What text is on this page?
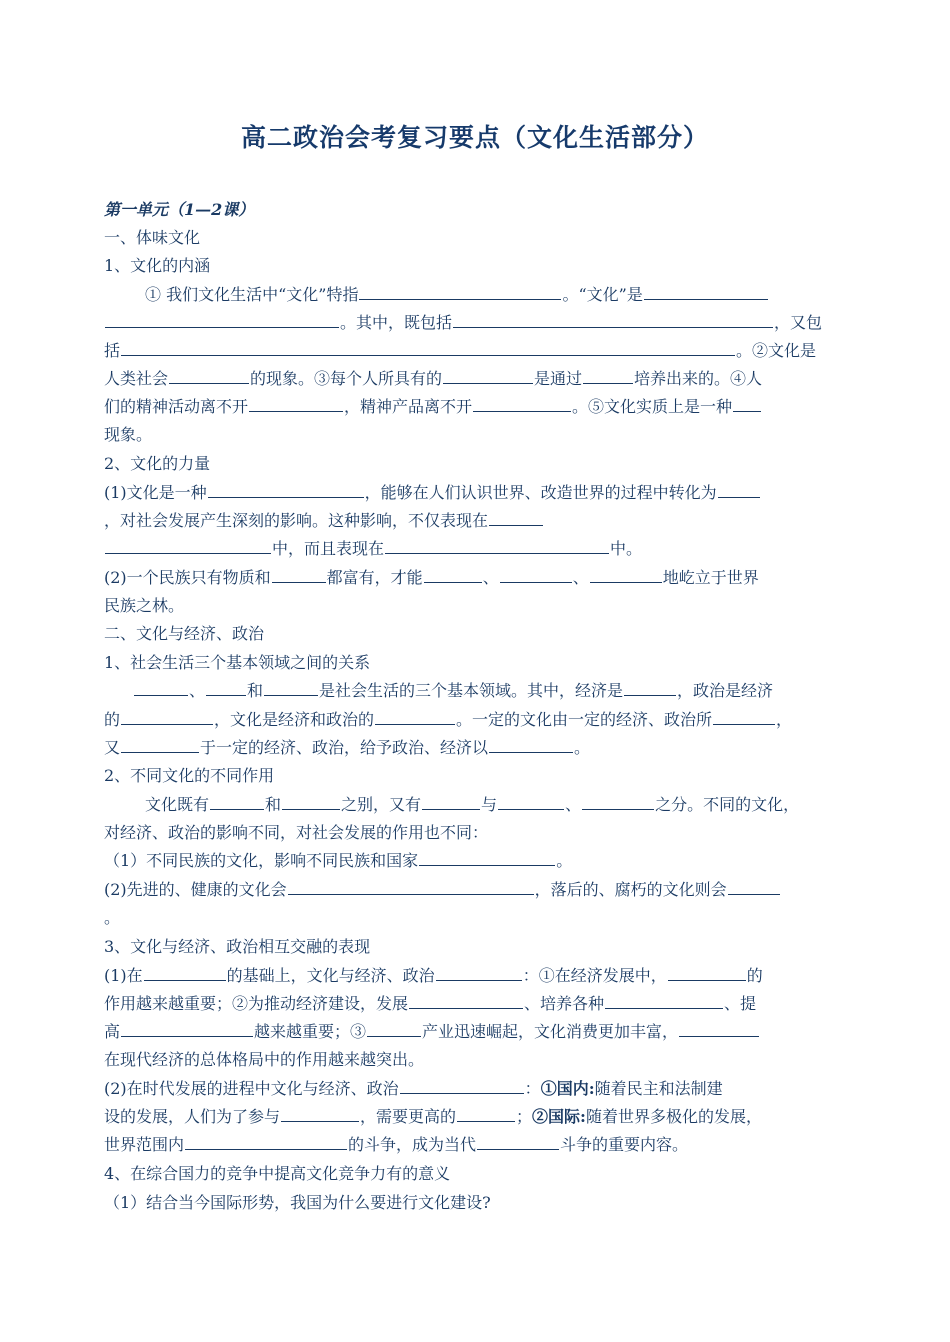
高二政治会考复习要点（文化生活部分）
第一单元（1—2课）
一、体味文化
1、文化的内涵
① 我们文化生活中“文化”特指	。“文化”是
。其中，既包括	，又包
括	。②文化是
人类社会	的现象。③每个人所具有的	是通过	培养出来的。④人
们的精神活动离不开	，精神产品离不开	。⑤文化实质上是一种
现象。
2、文化的力量
(1)文化是一种	，能够在人们认识世界、改造世界的过程中转化为
，对社会发展产生深刻的影响。这种影响，不仅表现在
中，而且表现在	中。
(2)一个民族只有物质和	都富有，才能	、	、	地屹立于世界
民族之林。
二、文化与经济、政治
1、社会生活三个基本领域之间的关系
、	和	是社会生活的三个基本领域。其中，经济是	，政治是经济
的	，文化是经济和政治的	。一定的文化由一定的经济、政治所	，
又	于一定的经济、政治，给予政治、经济以	。
2、不同文化的不同作用
文化既有	和	之别，又有	与	、	之分。不同的文化，
对经济、政治的影响不同，对社会发展的作用也不同：
（1）不同民族的文化，影响不同民族和国家	。
(2)先进的、健康的文化会	，落后的、腐朽的文化则会
。
3、文化与经济、政治相互交融的表现
(1)在	的基础上，文化与经济、政治	：①在经济发展中，	的
作用越来越重要；②为推动经济建设，发展	、培养各种	、提
高	越来越重要；③	产业迅速崛起，文化消费更加丰富，
在现代经济的总体格局中的作用越来越突出。
(2)在时代发展的进程中文化与经济、政治	：①国内:随着民主和法制建
设的发展，人们为了参与	，需要更高的	；②国际:随着世界多极化的发展，
世界范围内	的斗争，成为当代	斗争的重要内容。
4、在综合国力的竞争中提高文化竞争力有的意义
（1）结合当今国际形势，我国为什么要进行文化建设?
